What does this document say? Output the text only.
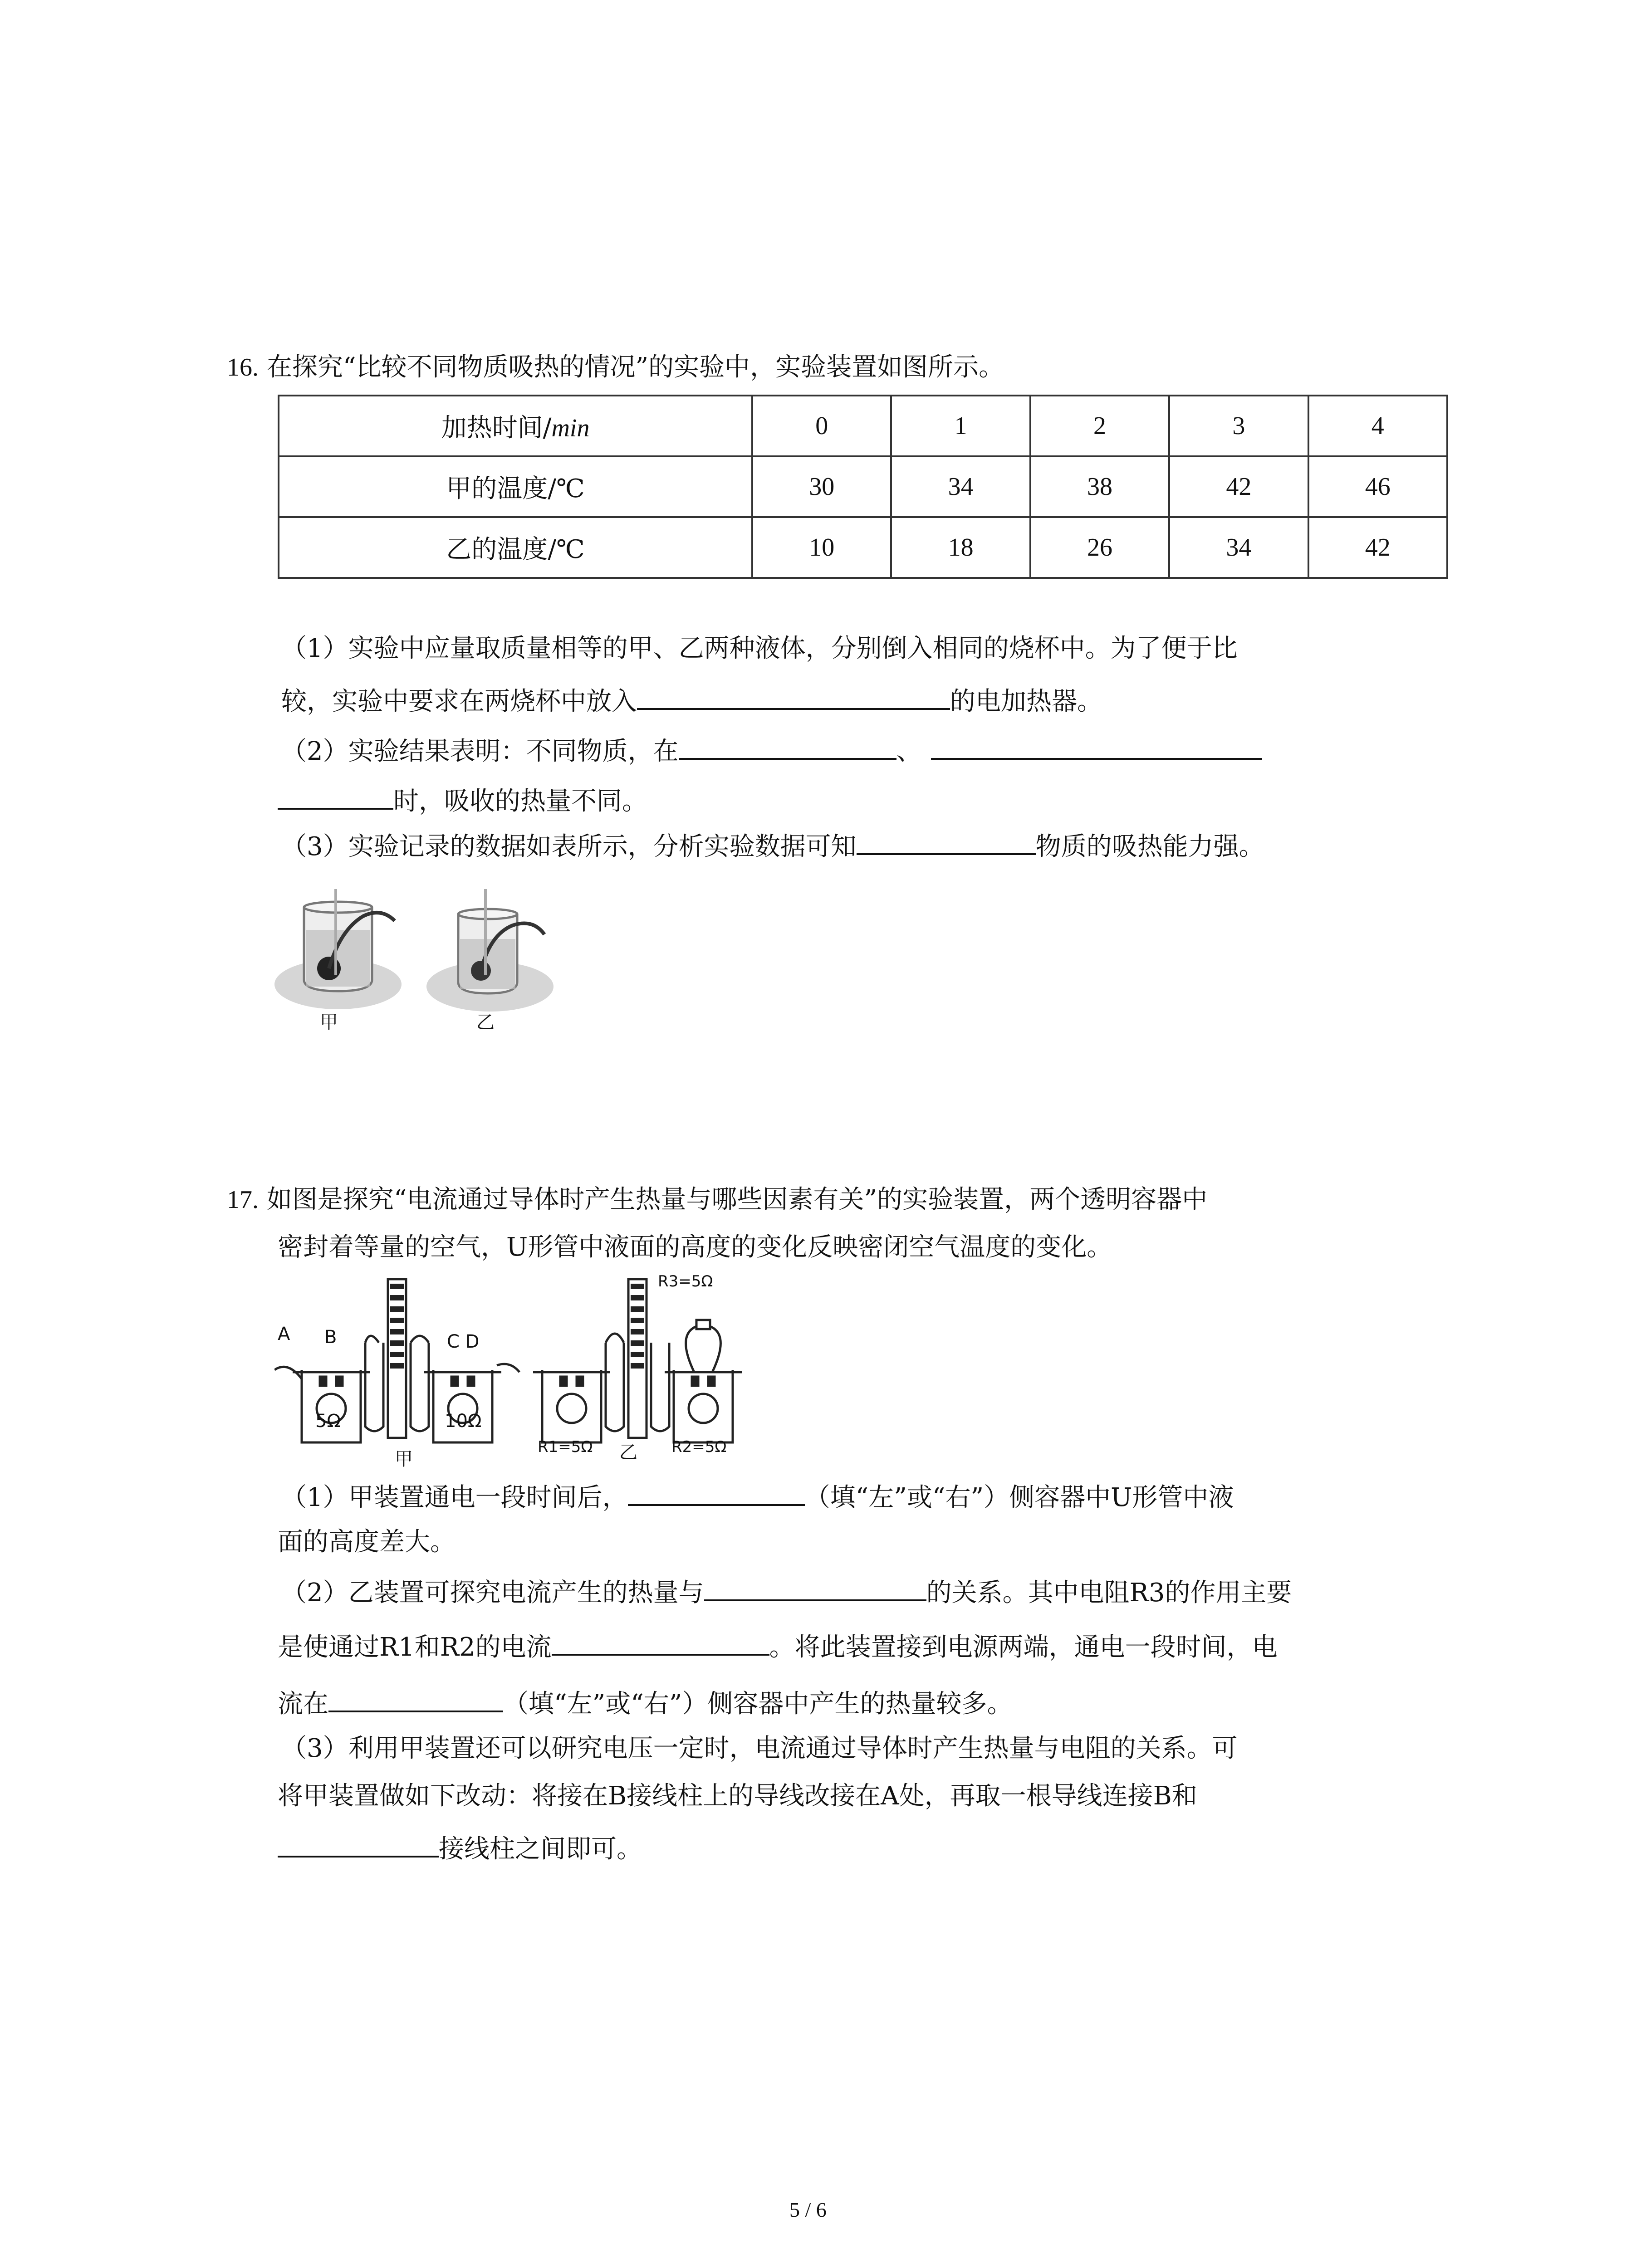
16. 在探究“比较不同物质吸热的情况”的实验中，实验装置如图所示。
加热时间/min	0	1	2	3	4
甲的温度/℃	30	34	38	42	46
乙的温度/℃	10	18	26	34	42
（1）实验中应量取质量相等的甲、乙两种液体，分别倒入相同的烧杯中。为了便于比
较，实验中要求在两烧杯中放入	的电加热器。
（2）实验结果表明：不同物质，在	、
时，吸收的热量不同。
（3）实验记录的数据如表所示，分析实验数据可知	物质的吸热能力强。
甲	乙
17. 如图是探究“电流通过导体时产生热量与哪些因素有关”的实验装置，两个透明容器中
密封着等量的空气，U形管中液面的高度的变化反映密闭空气温度的变化。
A B	C D
5Ω	10Ω
甲
R3=5Ω
R1=5Ω 乙 R2=5Ω
（1）甲装置通电一段时间后，	（填“左”或“右”）侧容器中U形管中液
面的高度差大。
（2）乙装置可探究电流产生的热量与	的关系。其中电阻R3的作用主要
是使通过R1和R2的电流	。将此装置接到电源两端，通电一段时间，电
流在	（填“左”或“右”）侧容器中产生的热量较多。
（3）利用甲装置还可以研究电压一定时，电流通过导体时产生热量与电阻的关系。可
将甲装置做如下改动：将接在B接线柱上的导线改接在A处，再取一根导线连接B和
接线柱之间即可。
5 / 6
